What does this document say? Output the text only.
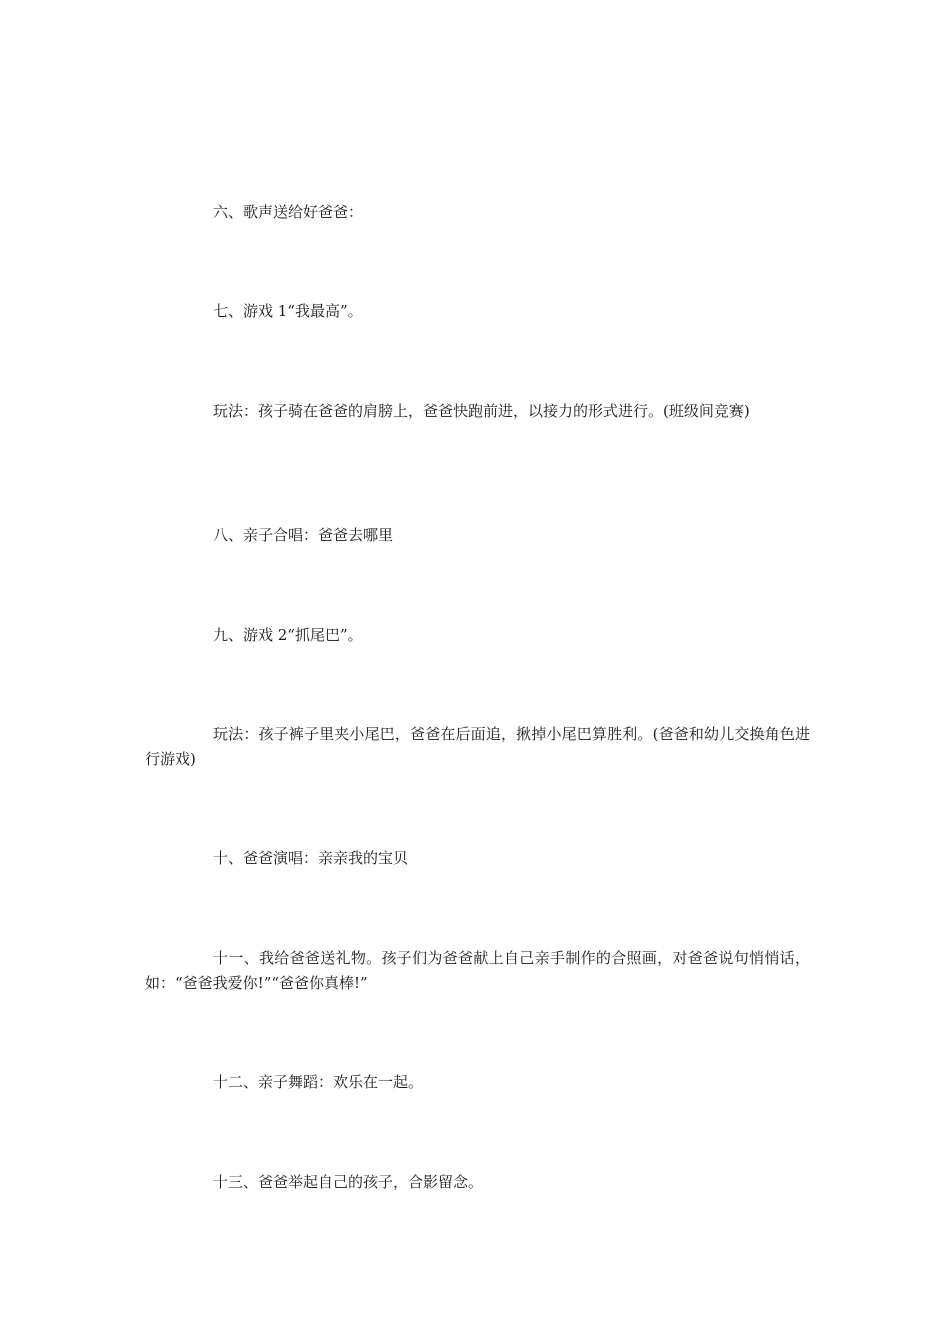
六、歌声送给好爸爸：

七、游戏 1“我最高”。

玩法：孩子骑在爸爸的肩膀上，爸爸快跑前进，以接力的形式进行。(班级间竞赛)

八、亲子合唱：爸爸去哪里

九、游戏 2“抓尾巴”。

玩法：孩子裤子里夹小尾巴，爸爸在后面追，揪掉小尾巴算胜利。(爸爸和幼儿交换角色进行游戏)

十、爸爸演唱：亲亲我的宝贝

十一、我给爸爸送礼物。孩子们为爸爸献上自己亲手制作的合照画，对爸爸说句悄悄话，如：“爸爸我爱你!”“爸爸你真棒!”

十二、亲子舞蹈：欢乐在一起。

十三、爸爸举起自己的孩子，合影留念。
